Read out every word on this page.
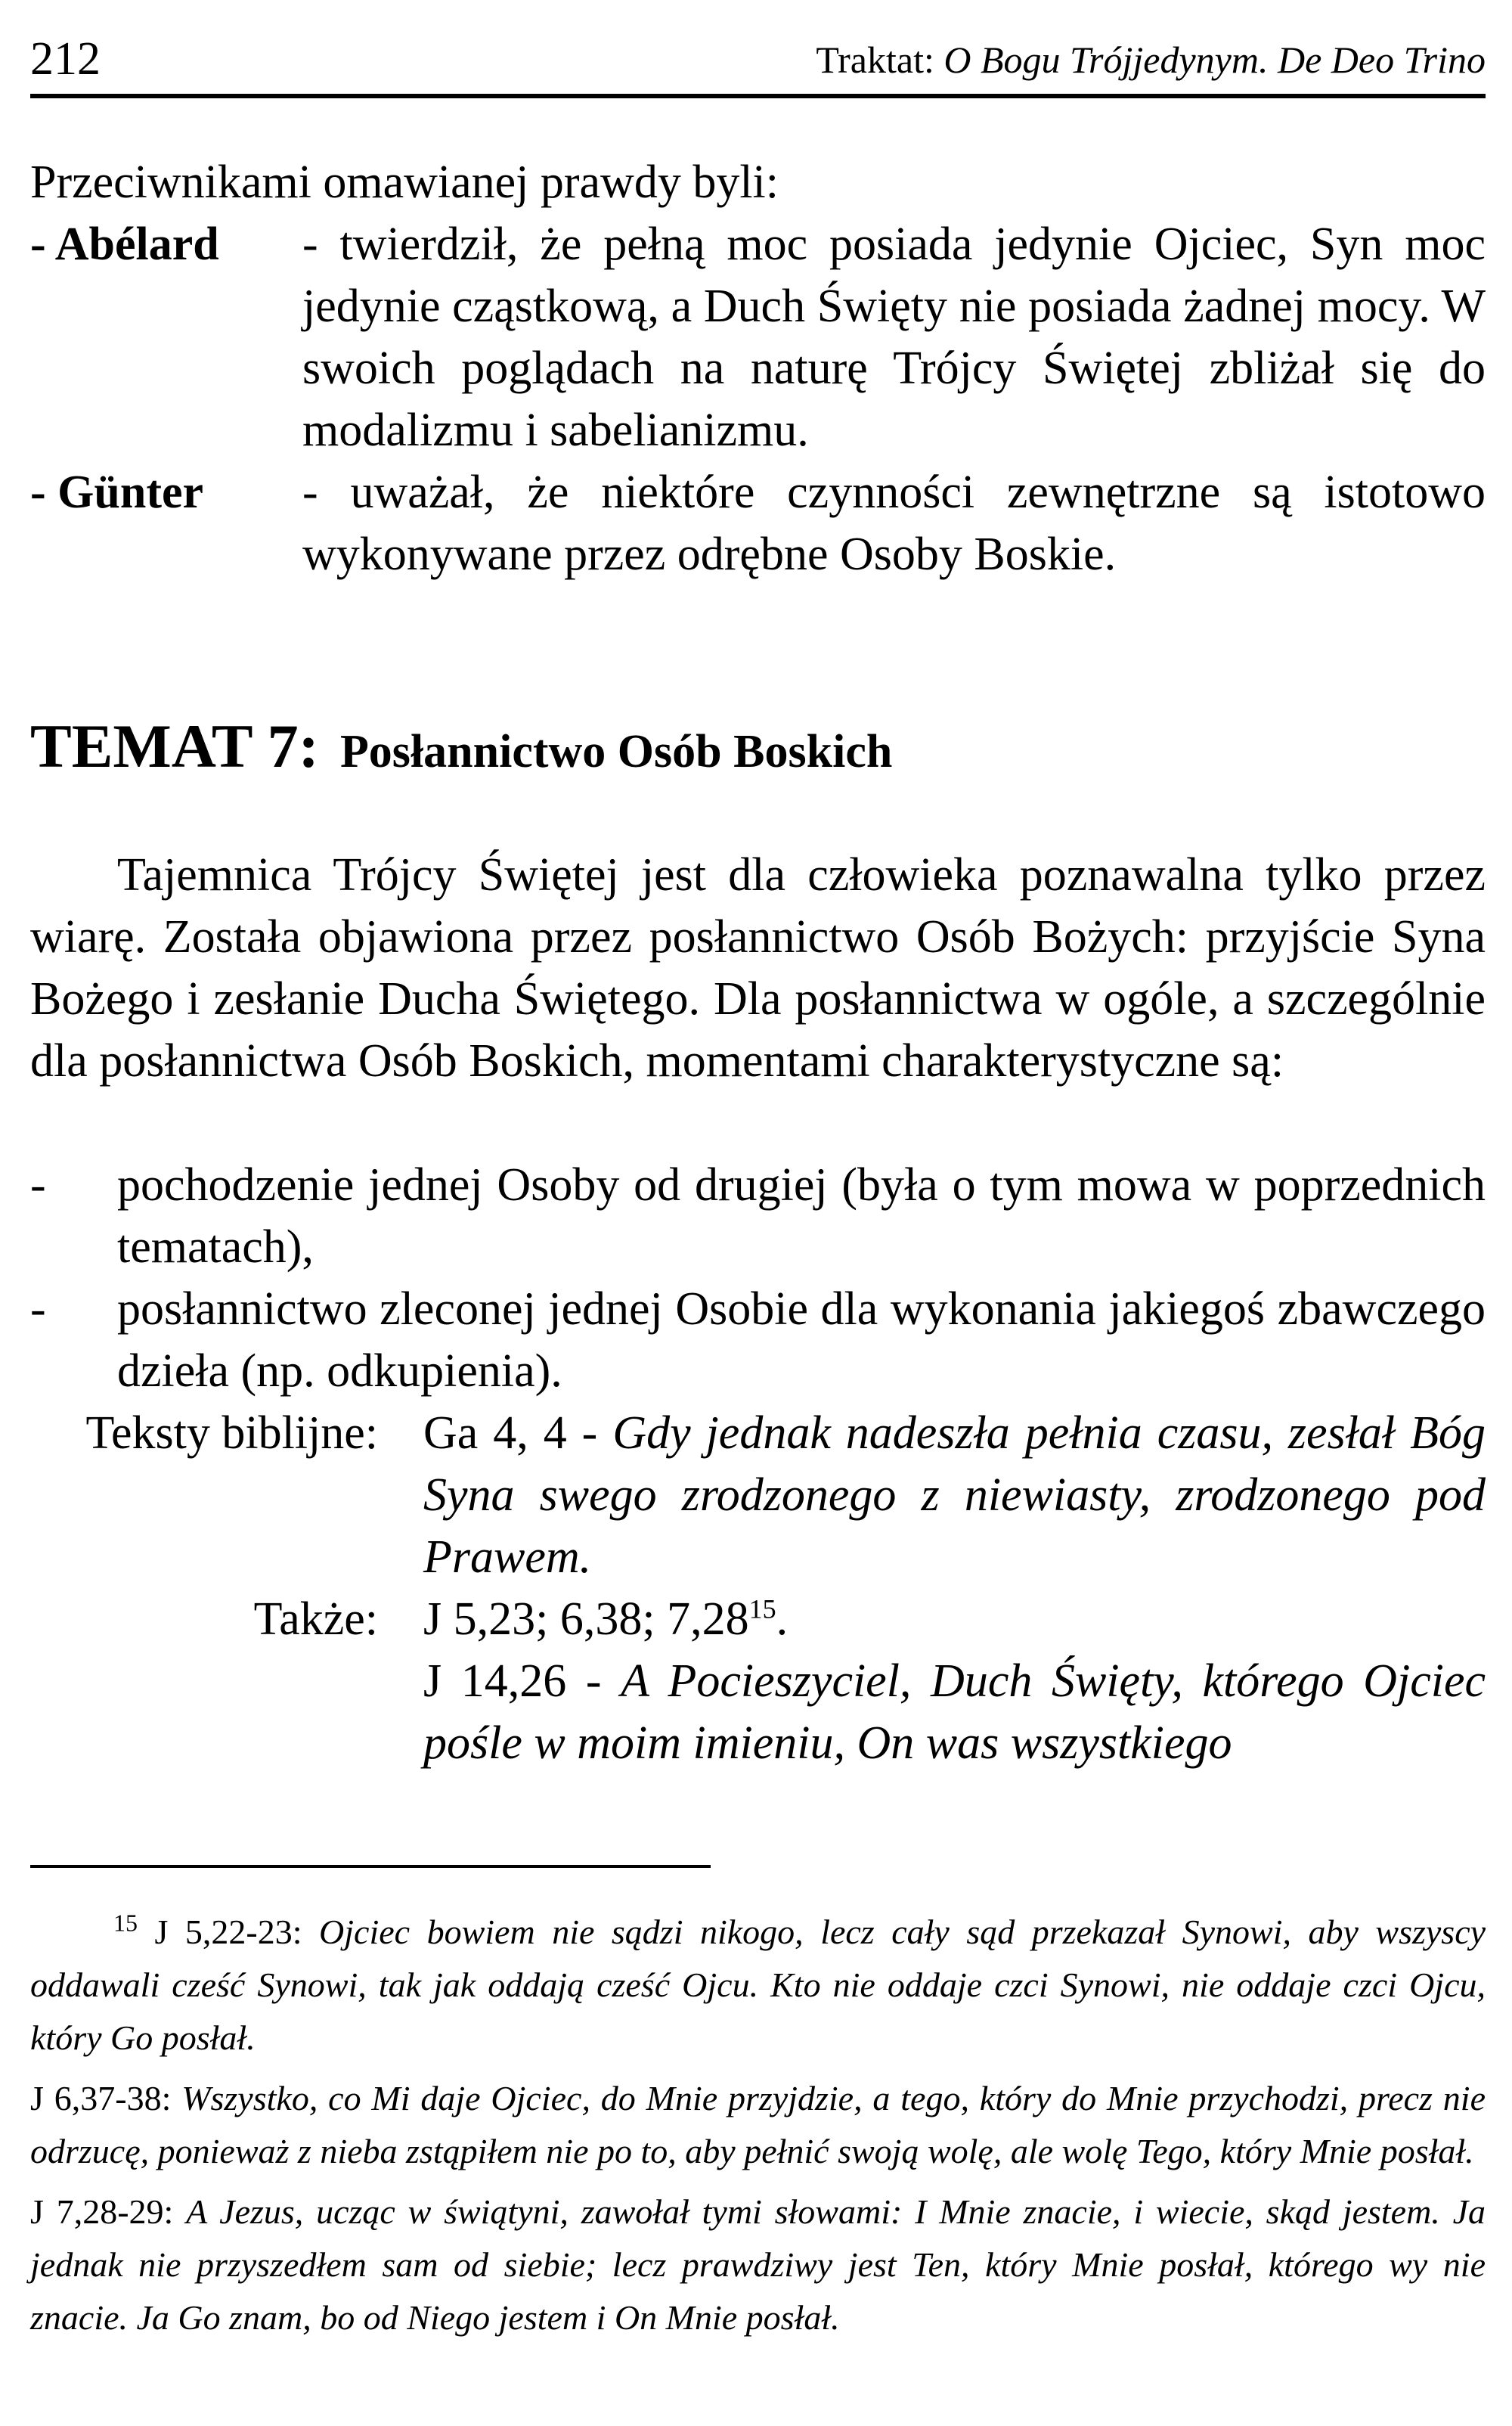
212	Traktat: O Bogu Trójjedynym. De Deo Trino
Przeciwnikami omawianej prawdy byli:
- Abélard - twierdził, że pełną moc posiada jedynie Ojciec, Syn moc jedynie cząstkową, a Duch Święty nie posiada żadnej mocy. W swoich poglądach na naturę Trójcy Świętej zbliżał się do modalizmu i sabelianizmu.
- Günter - uważał, że niektóre czynności zewnętrzne są istotowo wykonywane przez odrębne Osoby Boskie.
TEMAT 7: Posłannictwo Osób Boskich
Tajemnica Trójcy Świętej jest dla człowieka poznawalna tylko przez wiarę. Została objawiona przez posłannictwo Osób Bożych: przyjście Syna Bożego i zesłanie Ducha Świętego. Dla posłannictwa w ogóle, a szczególnie dla posłannictwa Osób Boskich, momentami charakterystyczne są:
- pochodzenie jednej Osoby od drugiej (była o tym mowa w poprzednich tematach),
- posłannictwo zleconej jednej Osobie dla wykonania jakiegoś zbawczego dzieła (np. odkupienia).
Teksty biblijne: Ga 4, 4 - Gdy jednak nadeszła pełnia czasu, zesłał Bóg Syna swego zrodzonego z niewiasty, zrodzonego pod Prawem.
Także: J 5,23; 6,38; 7,28$^{15}$.
J 14,26 - A Pocieszyciel, Duch Święty, którego Ojciec pośle w moim imieniu, On was wszystkiego
$^{15}$ J 5,22-23: Ojciec bowiem nie sądzi nikogo, lecz cały sąd przekazał Synowi, aby wszyscy oddawali cześć Synowi, tak jak oddają cześć Ojcu. Kto nie oddaje czci Synowi, nie oddaje czci Ojcu, który Go posłał.
J 6,37-38: Wszystko, co Mi daje Ojciec, do Mnie przyjdzie, a tego, który do Mnie przychodzi, precz nie odrzucę, ponieważ z nieba zstąpiłem nie po to, aby pełnić swoją wolę, ale wolę Tego, który Mnie posłał.
J 7,28-29: A Jezus, ucząc w świątyni, zawołał tymi słowami: I Mnie znacie, i wiecie, skąd jestem. Ja jednak nie przyszedłem sam od siebie; lecz prawdziwy jest Ten, który Mnie posłał, którego wy nie znacie. Ja Go znam, bo od Niego jestem i On Mnie posłał.
